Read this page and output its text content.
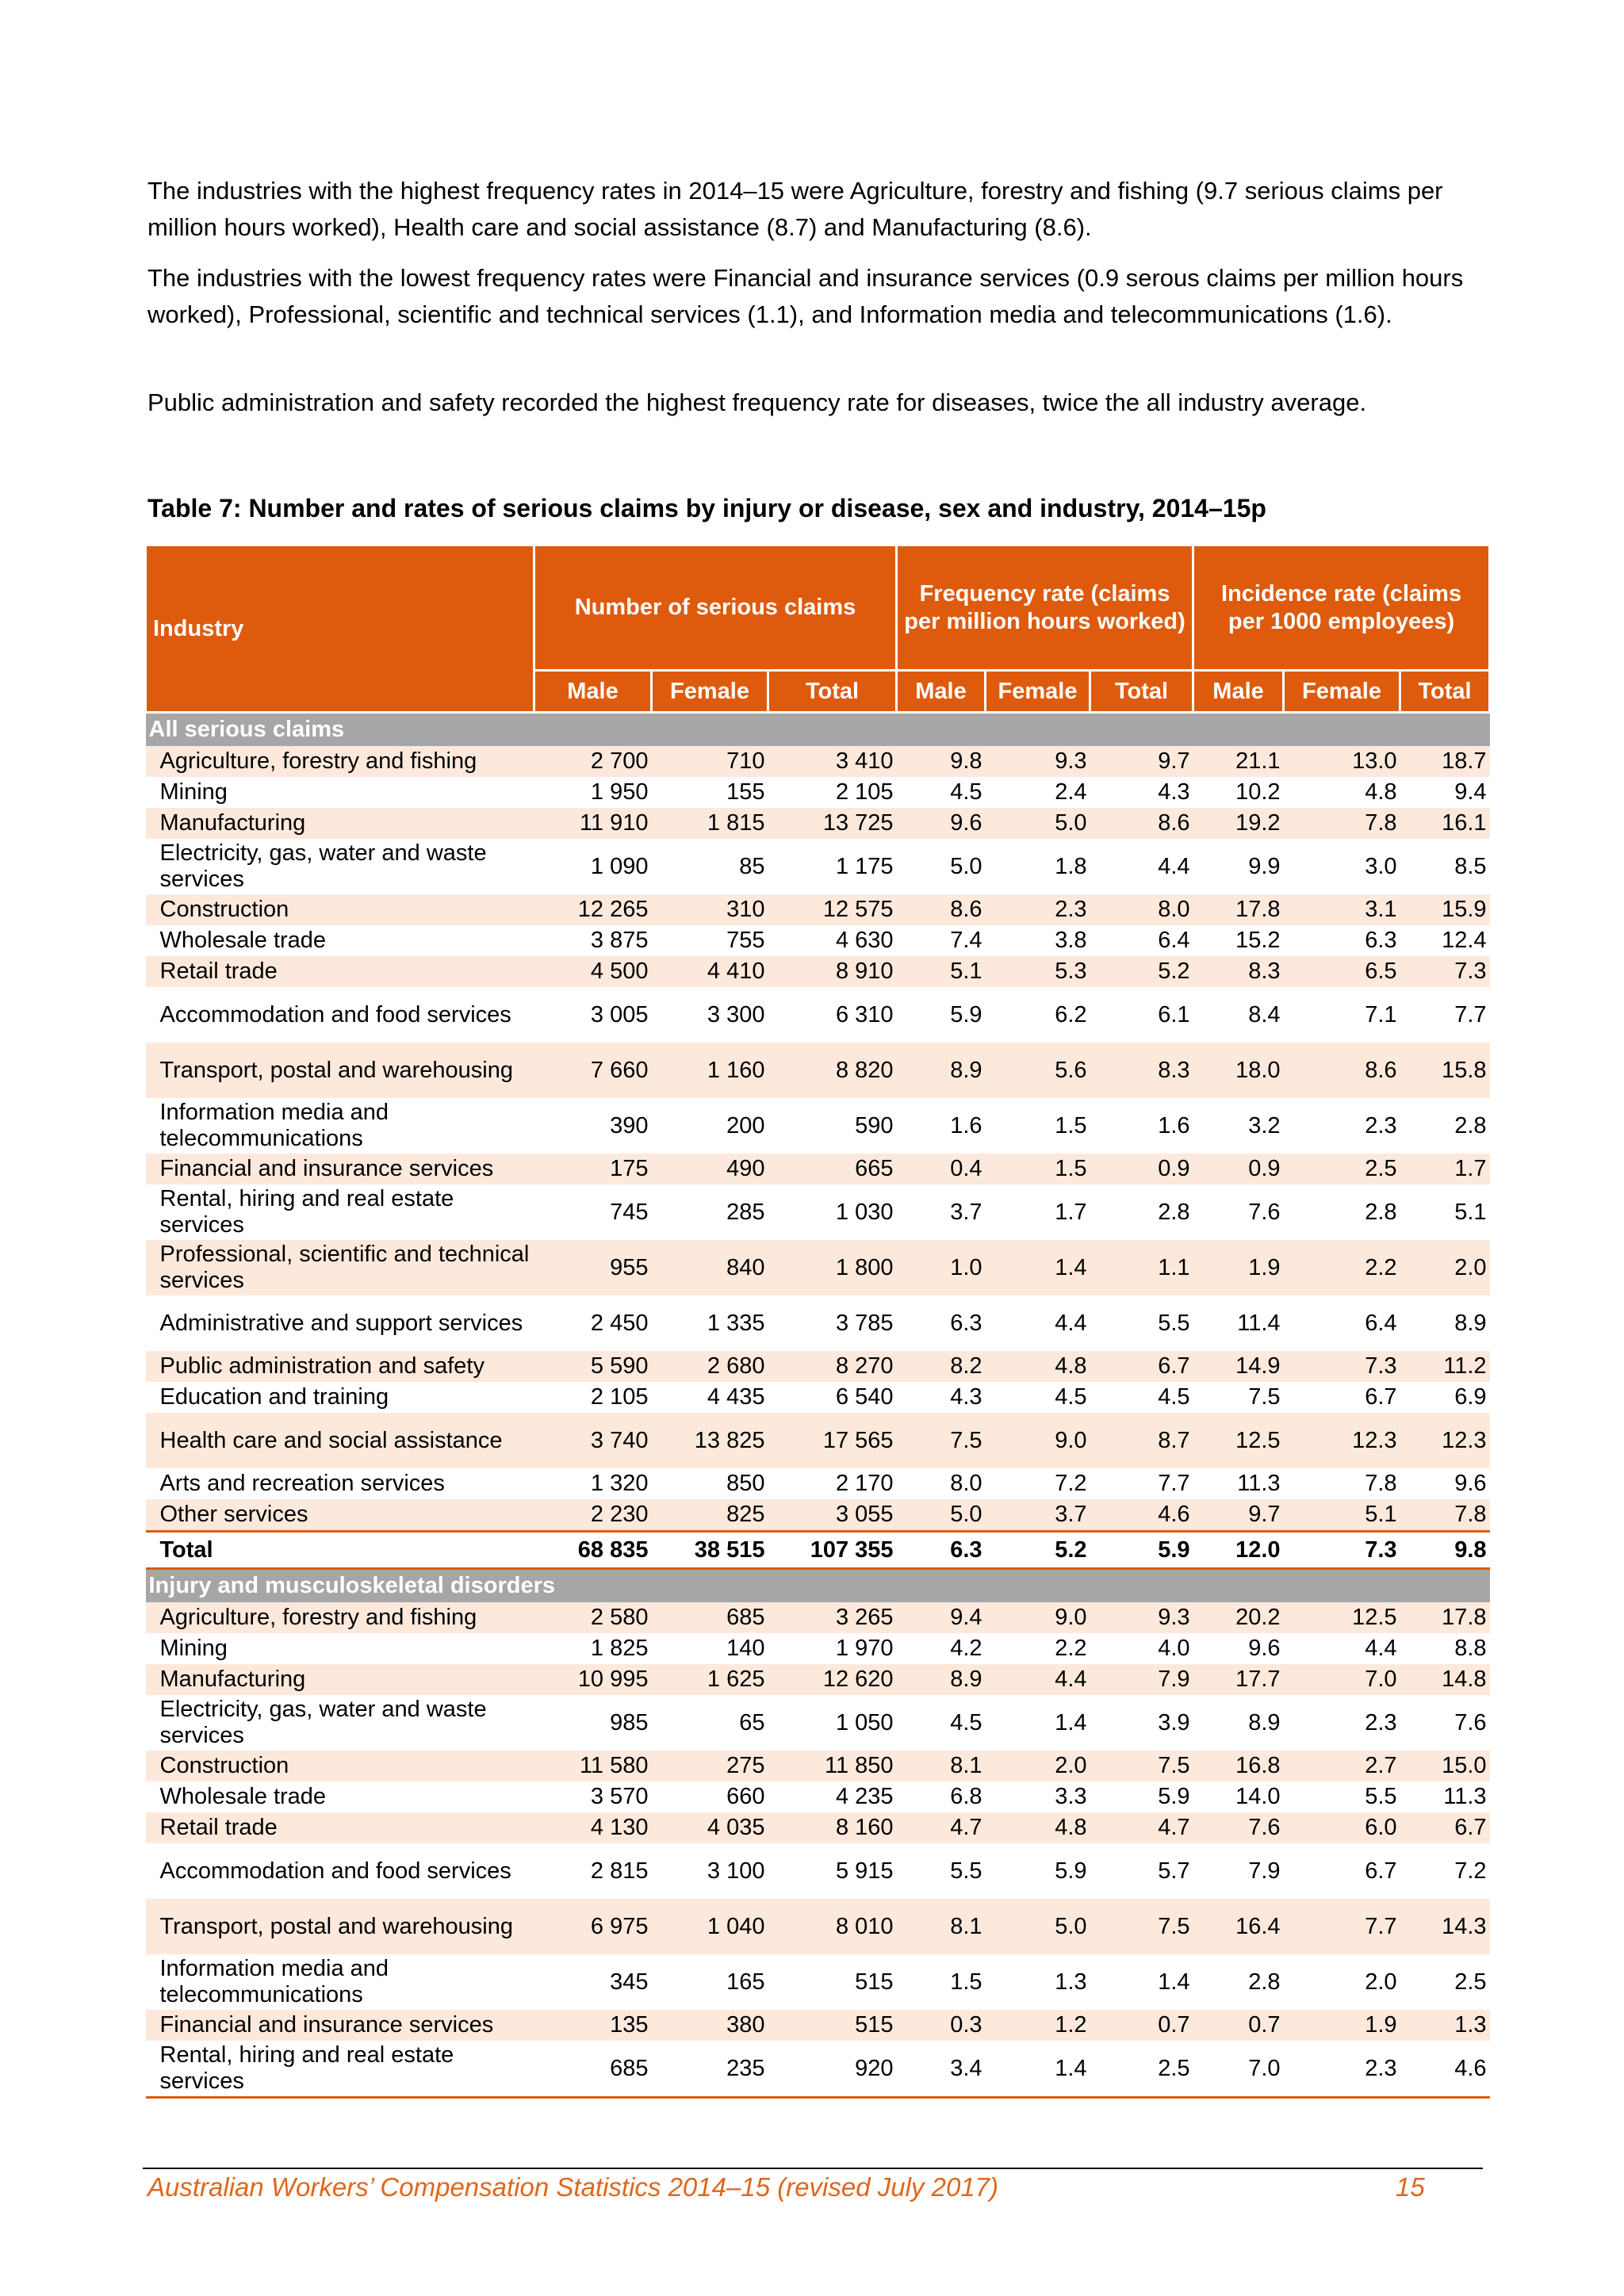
The industries with the highest frequency rates in 2014–15 were Agriculture, forestry and fishing (9.7 serious claims per million hours worked), Health care and social assistance (8.7) and Manufacturing (8.6).

The industries with the lowest frequency rates were Financial and insurance services (0.9 serous claims per million hours worked), Professional, scientific and technical services (1.1), and Information media and telecommunications (1.6).

Public administration and safety recorded the highest frequency rate for diseases, twice the all industry average.

Table 7: Number and rates of serious claims by injury or disease, sex and industry, 2014–15p

Industry	Number of serious claims			Frequency rate (claims per million hours worked)			Incidence rate (claims per 1000 employees)		
	Male	Female	Total	Male	Female	Total	Male	Female	Total
All serious claims									
Agriculture, forestry and fishing	2 700	710	3 410	9.8	9.3	9.7	21.1	13.0	18.7
Mining	1 950	155	2 105	4.5	2.4	4.3	10.2	4.8	9.4
Manufacturing	11 910	1 815	13 725	9.6	5.0	8.6	19.2	7.8	16.1
Electricity, gas, water and waste services	1 090	85	1 175	5.0	1.8	4.4	9.9	3.0	8.5
Construction	12 265	310	12 575	8.6	2.3	8.0	17.8	3.1	15.9
Wholesale trade	3 875	755	4 630	7.4	3.8	6.4	15.2	6.3	12.4
Retail trade	4 500	4 410	8 910	5.1	5.3	5.2	8.3	6.5	7.3
Accommodation and food services	3 005	3 300	6 310	5.9	6.2	6.1	8.4	7.1	7.7
Transport, postal and warehousing	7 660	1 160	8 820	8.9	5.6	8.3	18.0	8.6	15.8
Information media and telecommunications	390	200	590	1.6	1.5	1.6	3.2	2.3	2.8
Financial and insurance services	175	490	665	0.4	1.5	0.9	0.9	2.5	1.7
Rental, hiring and real estate services	745	285	1 030	3.7	1.7	2.8	7.6	2.8	5.1
Professional, scientific and technical services	955	840	1 800	1.0	1.4	1.1	1.9	2.2	2.0
Administrative and support services	2 450	1 335	3 785	6.3	4.4	5.5	11.4	6.4	8.9
Public administration and safety	5 590	2 680	8 270	8.2	4.8	6.7	14.9	7.3	11.2
Education and training	2 105	4 435	6 540	4.3	4.5	4.5	7.5	6.7	6.9
Health care and social assistance	3 740	13 825	17 565	7.5	9.0	8.7	12.5	12.3	12.3
Arts and recreation services	1 320	850	2 170	8.0	7.2	7.7	11.3	7.8	9.6
Other services	2 230	825	3 055	5.0	3.7	4.6	9.7	5.1	7.8
Total	68 835	38 515	107 355	6.3	5.2	5.9	12.0	7.3	9.8
Injury and musculoskeletal disorders									
Agriculture, forestry and fishing	2 580	685	3 265	9.4	9.0	9.3	20.2	12.5	17.8
Mining	1 825	140	1 970	4.2	2.2	4.0	9.6	4.4	8.8
Manufacturing	10 995	1 625	12 620	8.9	4.4	7.9	17.7	7.0	14.8
Electricity, gas, water and waste services	985	65	1 050	4.5	1.4	3.9	8.9	2.3	7.6
Construction	11 580	275	11 850	8.1	2.0	7.5	16.8	2.7	15.0
Wholesale trade	3 570	660	4 235	6.8	3.3	5.9	14.0	5.5	11.3
Retail trade	4 130	4 035	8 160	4.7	4.8	4.7	7.6	6.0	6.7
Accommodation and food services	2 815	3 100	5 915	5.5	5.9	5.7	7.9	6.7	7.2
Transport, postal and warehousing	6 975	1 040	8 010	8.1	5.0	7.5	16.4	7.7	14.3
Information media and telecommunications	345	165	515	1.5	1.3	1.4	2.8	2.0	2.5
Financial and insurance services	135	380	515	0.3	1.2	0.7	0.7	1.9	1.3
Rental, hiring and real estate services	685	235	920	3.4	1.4	2.5	7.0	2.3	4.6
Australian Workers’ Compensation Statistics 2014–15 (revised July 2017)	15
